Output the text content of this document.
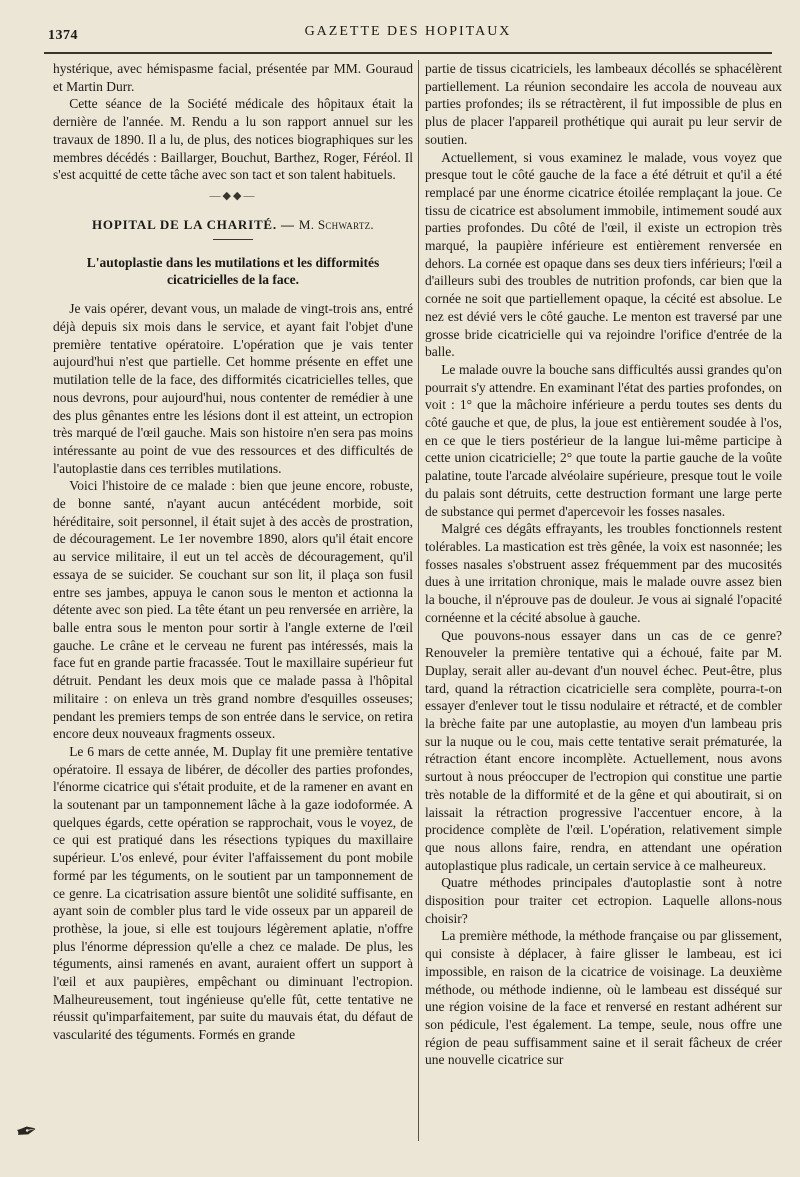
1374	GAZETTE DES HOPITAUX

hystérique, avec hémispasme facial, présentée par MM. Gouraud et Martin Durr.

Cette séance de la Société médicale des hôpitaux était la dernière de l'année. M. Rendu a lu son rapport annuel sur les travaux de 1890. Il a lu, de plus, des notices biographiques sur les membres décédés : Baillarger, Bouchut, Barthez, Roger, Féréol. Il s'est acquitté de cette tâche avec son tact et son talent habituels.

—◆◆—
HOPITAL DE LA CHARITÉ. — M. Schwartz.
L'autoplastie dans les mutilations et les difformités cicatricielles de la face.

Je vais opérer, devant vous, un malade de vingt-trois ans, entré déjà depuis six mois dans le service, et ayant fait l'objet d'une première tentative opératoire. L'opération que je vais tenter aujourd'hui n'est que partielle. Cet homme présente en effet une mutilation telle de la face, des difformités cicatricielles telles, que nous devrons, pour aujourd'hui, nous contenter de remédier à une des plus gênantes entre les lésions dont il est atteint, un ectropion très marqué de l'œil gauche. Mais son histoire n'en sera pas moins intéressante au point de vue des ressources et des difficultés de l'autoplastie dans ces terribles mutilations.

Voici l'histoire de ce malade : bien que jeune encore, robuste, de bonne santé, n'ayant aucun antécédent morbide, soit héréditaire, soit personnel, il était sujet à des accès de prostration, de découragement. Le 1er novembre 1890, alors qu'il était encore au service militaire, il eut un tel accès de découragement, qu'il essaya de se suicider. Se couchant sur son lit, il plaça son fusil entre ses jambes, appuya le canon sous le menton et actionna la détente avec son pied. La tête étant un peu renversée en arrière, la balle entra sous le menton pour sortir à l'angle externe de l'œil gauche. Le crâne et le cerveau ne furent pas intéressés, mais la face fut en grande partie fracassée. Tout le maxillaire supérieur fut détruit. Pendant les deux mois que ce malade passa à l'hôpital militaire : on enleva un très grand nombre d'esquilles osseuses; pendant les premiers temps de son entrée dans le service, on retira encore deux nouveaux fragments osseux.

Le 6 mars de cette année, M. Duplay fit une première tentative opératoire. Il essaya de libérer, de décoller des parties profondes, l'énorme cicatrice qui s'était produite, et de la ramener en avant en la soutenant par un tamponnement lâche à la gaze iodoformée. A quelques égards, cette opération se rapprochait, vous le voyez, de ce qui est pratiqué dans les résections typiques du maxillaire supérieur. L'os enlevé, pour éviter l'affaissement du pont mobile formé par les téguments, on le soutient par un tamponnement de ce genre. La cicatrisation assure bientôt une solidité suffisante, en ayant soin de combler plus tard le vide osseux par un appareil de prothèse, la joue, si elle est toujours légèrement aplatie, n'offre plus l'énorme dépression qu'elle a chez ce malade. De plus, les téguments, ainsi ramenés en avant, auraient offert un support à l'œil et aux paupières, empêchant ou diminuant l'ectropion. Malheureusement, tout ingénieuse qu'elle fût, cette tentative ne réussit qu'imparfaitement, par suite du mauvais état, du défaut de vascularité des téguments. Formés en grande

partie de tissus cicatriciels, les lambeaux décollés se sphacélèrent partiellement. La réunion secondaire les accola de nouveau aux parties profondes; ils se rétractèrent, il fut impossible de plus en plus de placer l'appareil prothétique qui aurait pu leur servir de soutien.

Actuellement, si vous examinez le malade, vous voyez que presque tout le côté gauche de la face a été détruit et qu'il a été remplacé par une énorme cicatrice étoilée remplaçant la joue. Ce tissu de cicatrice est absolument immobile, intimement soudé aux parties profondes. Du côté de l'œil, il existe un ectropion très marqué, la paupière inférieure est entièrement renversée en dehors. La cornée est opaque dans ses deux tiers inférieurs; l'œil a d'ailleurs subi des troubles de nutrition profonds, car bien que la cornée ne soit que partiellement opaque, la cécité est absolue. Le nez est dévié vers le côté gauche. Le menton est traversé par une grosse bride cicatricielle qui va rejoindre l'orifice d'entrée de la balle.

Le malade ouvre la bouche sans difficultés aussi grandes qu'on pourrait s'y attendre. En examinant l'état des parties profondes, on voit : 1° que la mâchoire inférieure a perdu toutes ses dents du côté gauche et que, de plus, la joue est entièrement soudée à l'os, en ce que le tiers postérieur de la langue lui-même participe à cette union cicatricielle; 2° que toute la partie gauche de la voûte palatine, toute l'arcade alvéolaire supérieure, presque tout le voile du palais sont détruits, cette destruction formant une large perte de substance qui permet d'apercevoir les fosses nasales.

Malgré ces dégâts effrayants, les troubles fonctionnels restent tolérables. La mastication est très gênée, la voix est nasonnée; les fosses nasales s'obstruent assez fréquemment par des mucosités dues à une irritation chronique, mais le malade ouvre assez bien la bouche, il n'éprouve pas de douleur. Je vous ai signalé l'opacité cornéenne et la cécité absolue à gauche.

Que pouvons-nous essayer dans un cas de ce genre? Renouveler la première tentative qui a échoué, faite par M. Duplay, serait aller au-devant d'un nouvel échec. Peut-être, plus tard, quand la rétraction cicatricielle sera complète, pourra-t-on essayer d'enlever tout le tissu nodulaire et rétracté, et de combler la brèche faite par une autoplastie, au moyen d'un lambeau pris sur la nuque ou le cou, mais cette tentative serait prématurée, la rétraction étant encore incomplète. Actuellement, nous avons surtout à nous préoccuper de l'ectropion qui constitue une partie très notable de la difformité et de la gêne et qui aboutirait, si on laissait la rétraction progressive l'accentuer encore, à la procidence complète de l'œil. L'opération, relativement simple que nous allons faire, rendra, en attendant une opération autoplastique plus radicale, un certain service à ce malheureux.

Quatre méthodes principales d'autoplastie sont à notre disposition pour traiter cet ectropion. Laquelle allons-nous choisir?

La première méthode, la méthode française ou par glissement, qui consiste à déplacer, à faire glisser le lambeau, est ici impossible, en raison de la cicatrice de voisinage. La deuxième méthode, ou méthode indienne, où le lambeau est disséqué sur une région voisine de la face et renversé en restant adhérent sur son pédicule, l'est également. La tempe, seule, nous offre une région de peau suffisamment saine et il serait fâcheux de créer une nouvelle cicatrice sur

✒
